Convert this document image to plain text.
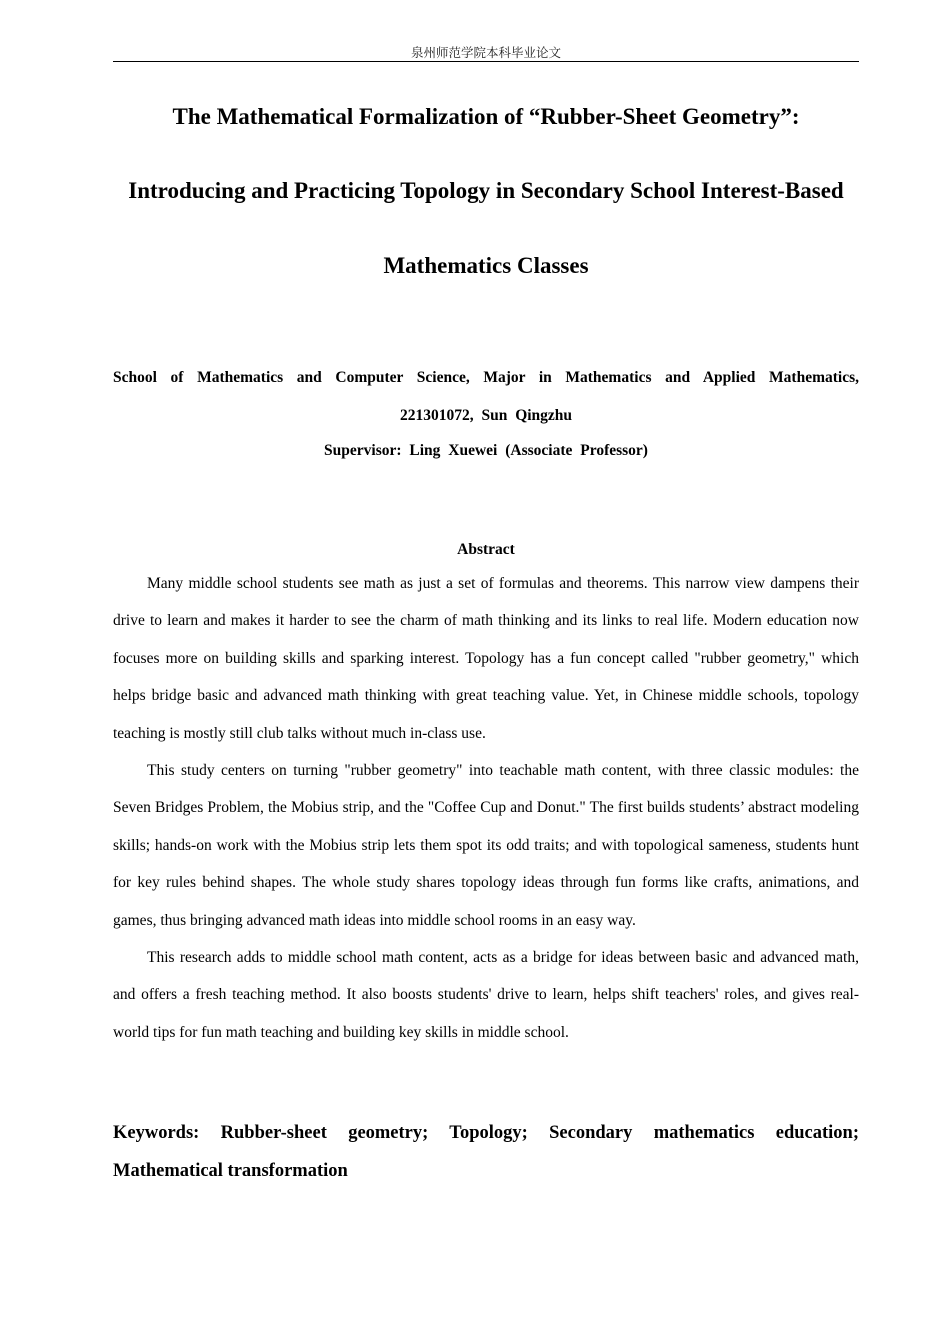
泉州师范学院本科毕业论文
The Mathematical Formalization of “Rubber-Sheet Geometry”:
Introducing and Practicing Topology in Secondary School Interest-Based
Mathematics Classes
School of Mathematics and Computer Science, Major in Mathematics and Applied Mathematics,
221301072, Sun Qingzhu
Supervisor: Ling Xuewei (Associate Professor)
Abstract

Many middle school students see math as just a set of formulas and theorems. This narrow view dampens their drive to learn and makes it harder to see the charm of math thinking and its links to real life. Modern education now focuses more on building skills and sparking interest. Topology has a fun concept called "rubber geometry," which helps bridge basic and advanced math thinking with great teaching value. Yet, in Chinese middle schools, topology teaching is mostly still club talks without much in-class use.

This study centers on turning "rubber geometry" into teachable math content, with three classic modules: the Seven Bridges Problem, the Mobius strip, and the "Coffee Cup and Donut." The first builds students’ abstract modeling skills; hands-on work with the Mobius strip lets them spot its odd traits; and with topological sameness, students hunt for key rules behind shapes. The whole study shares topology ideas through fun forms like crafts, animations, and games, thus bringing advanced math ideas into middle school rooms in an easy way.

This research adds to middle school math content, acts as a bridge for ideas between basic and advanced math, and offers a fresh teaching method. It also boosts students' drive to learn, helps shift teachers' roles, and gives real-world tips for fun math teaching and building key skills in middle school.

Keywords: Rubber-sheet geometry; Topology; Secondary mathematics education; Mathematical transformation
